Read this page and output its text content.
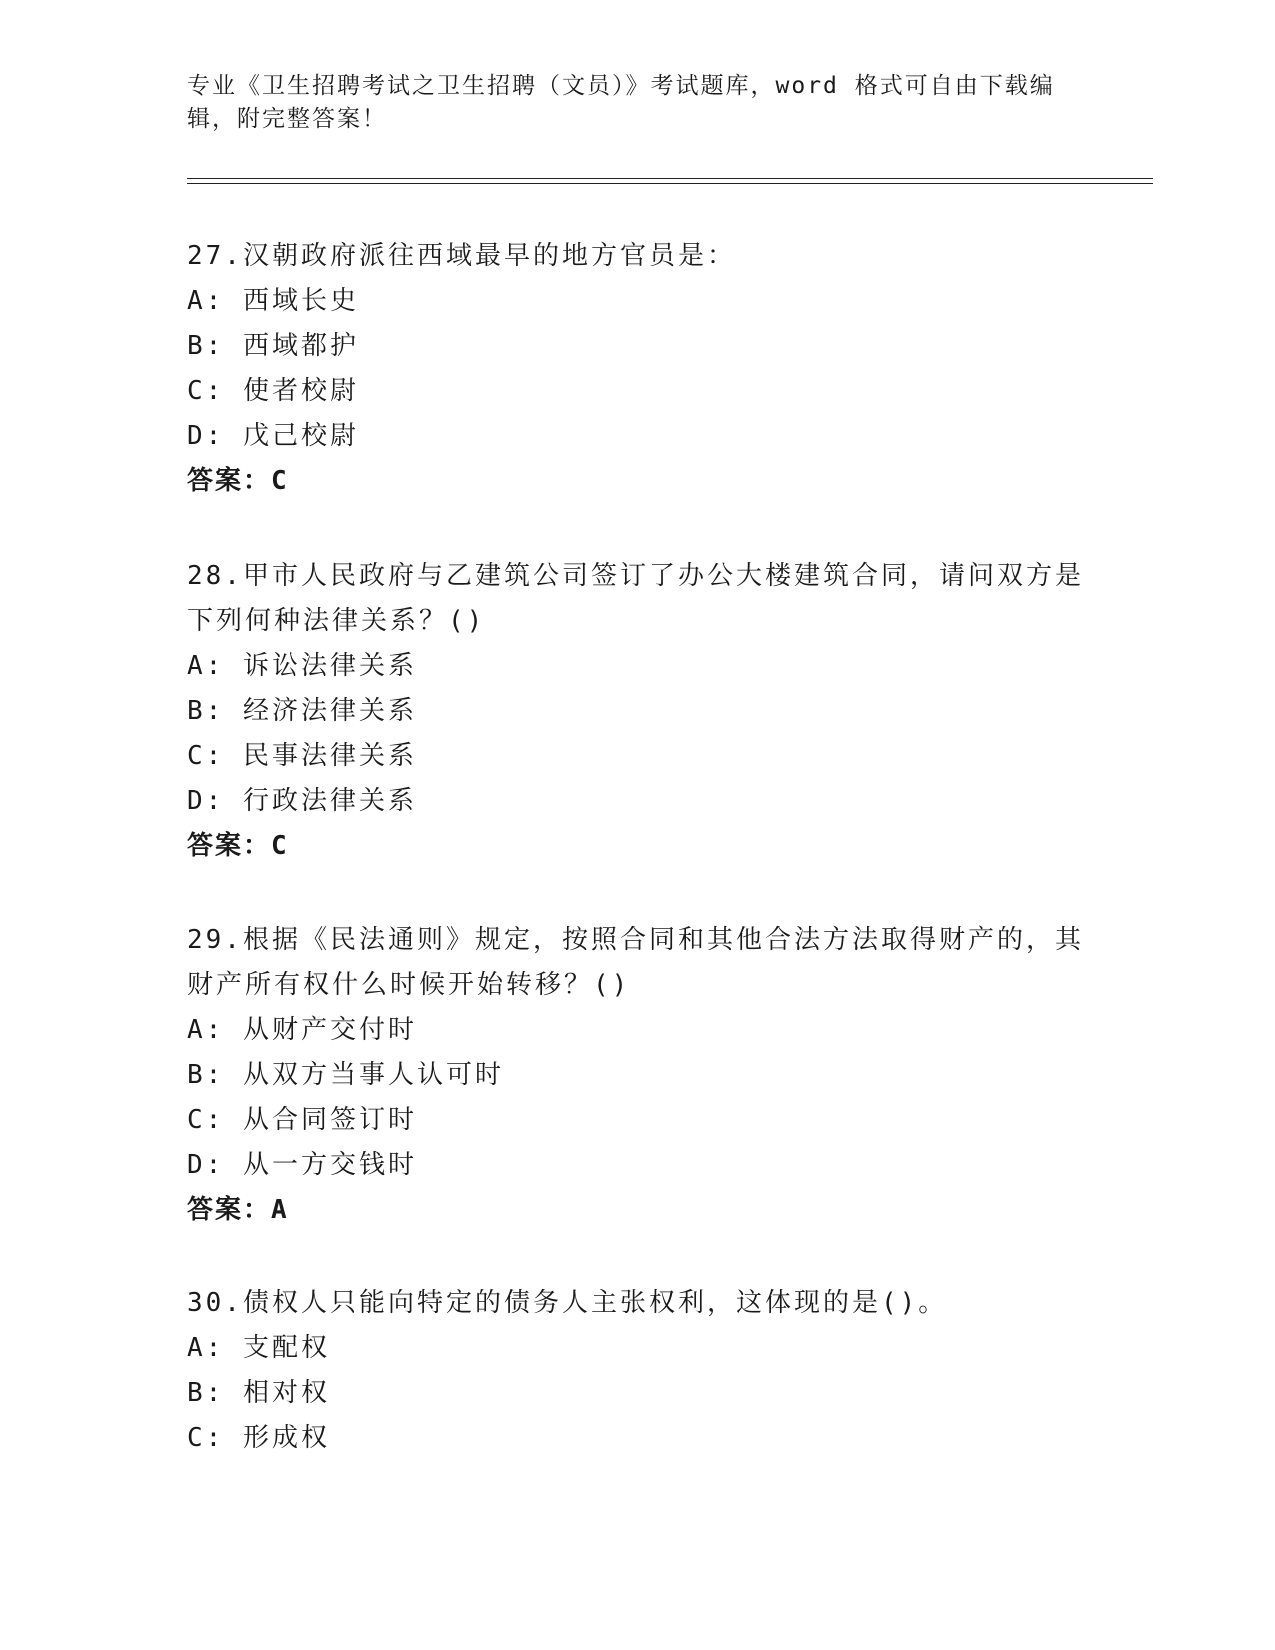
专业《卫生招聘考试之卫生招聘（文员）》考试题库，word 格式可自由下载编辑，附完整答案！
27.汉朝政府派往西域最早的地方官员是：
A: 西域长史
B: 西域都护
C: 使者校尉
D: 戊己校尉
答案：C
28.甲市人民政府与乙建筑公司签订了办公大楼建筑合同，请问双方是下列何种法律关系？()
A: 诉讼法律关系
B: 经济法律关系
C: 民事法律关系
D: 行政法律关系
答案：C
29.根据《民法通则》规定，按照合同和其他合法方法取得财产的，其财产所有权什么时候开始转移？()
A: 从财产交付时
B: 从双方当事人认可时
C: 从合同签订时
D: 从一方交钱时
答案：A
30.债权人只能向特定的债务人主张权利，这体现的是()。
A: 支配权
B: 相对权
C: 形成权
